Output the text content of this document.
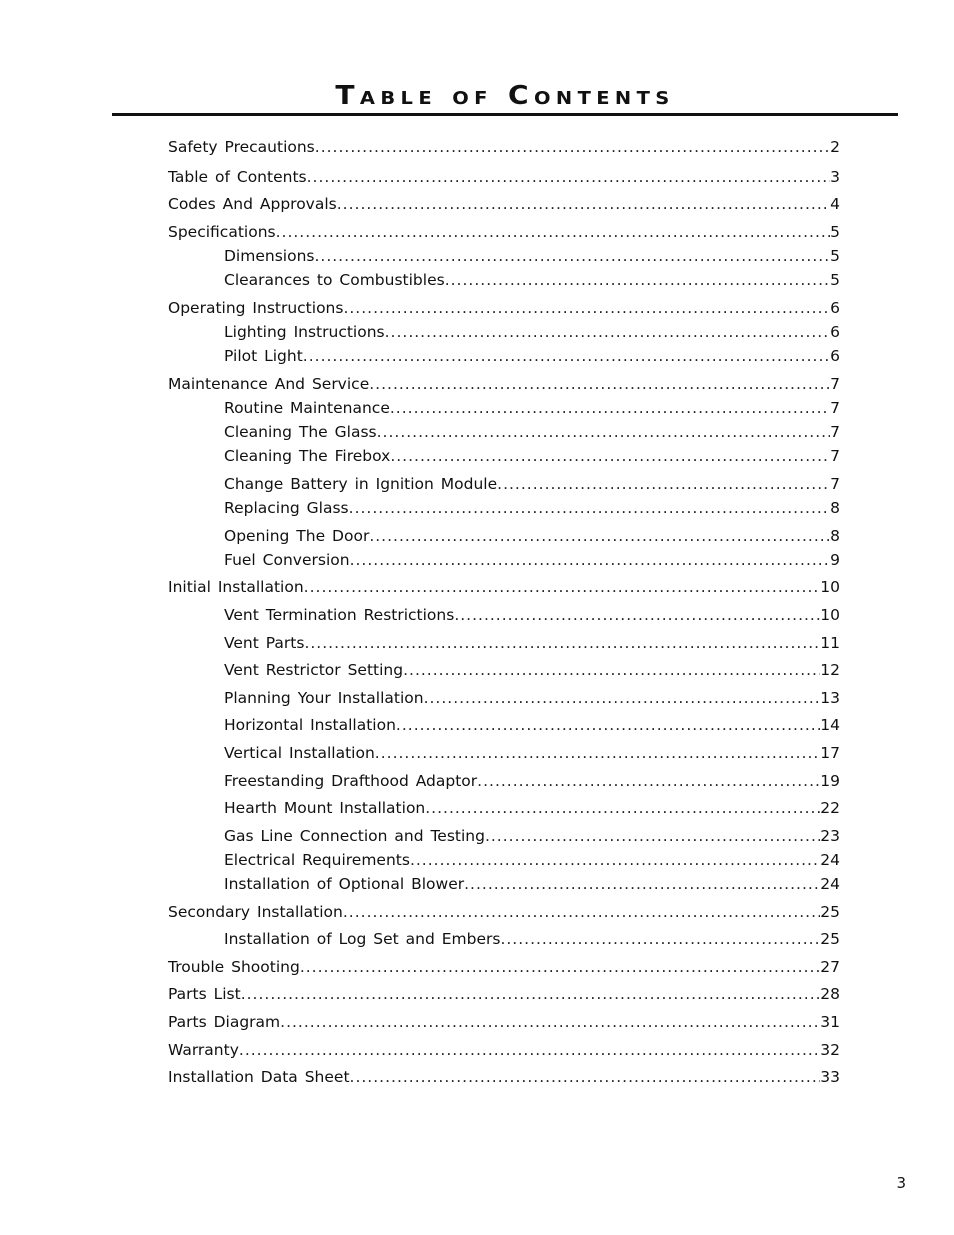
Table of Contents
Safety Precautions .....	2
Table of Contents .....	3
Codes And Approvals .....	4
Specifications .....	5
Dimensions .....	5
Clearances to Combustibles .....	5
Operating Instructions .....	6
Lighting Instructions .....	6
Pilot Light .....	6
Maintenance And Service .....	7
Routine Maintenance .....	7
Cleaning The Glass .....	7
Cleaning The Firebox .....	7
Change Battery in Ignition Module .....	7
Replacing Glass .....	8
Opening The Door .....	8
Fuel Conversion .....	9
Initial Installation .....	10
Vent Termination Restrictions .....	10
Vent Parts .....	11
Vent Restrictor Setting .....	12
Planning Your Installation .....	13
Horizontal Installation .....	14
Vertical Installation .....	17
Freestanding Drafthood Adaptor .....	19
Hearth Mount Installation .....	22
Gas Line Connection and Testing .....	23
Electrical Requirements .....	24
Installation of Optional Blower .....	24
Secondary Installation .....	25
Installation of Log Set and Embers .....	25
Trouble Shooting .....	27
Parts List .....	28
Parts Diagram .....	31
Warranty .....	32
Installation Data Sheet .....	33
3
